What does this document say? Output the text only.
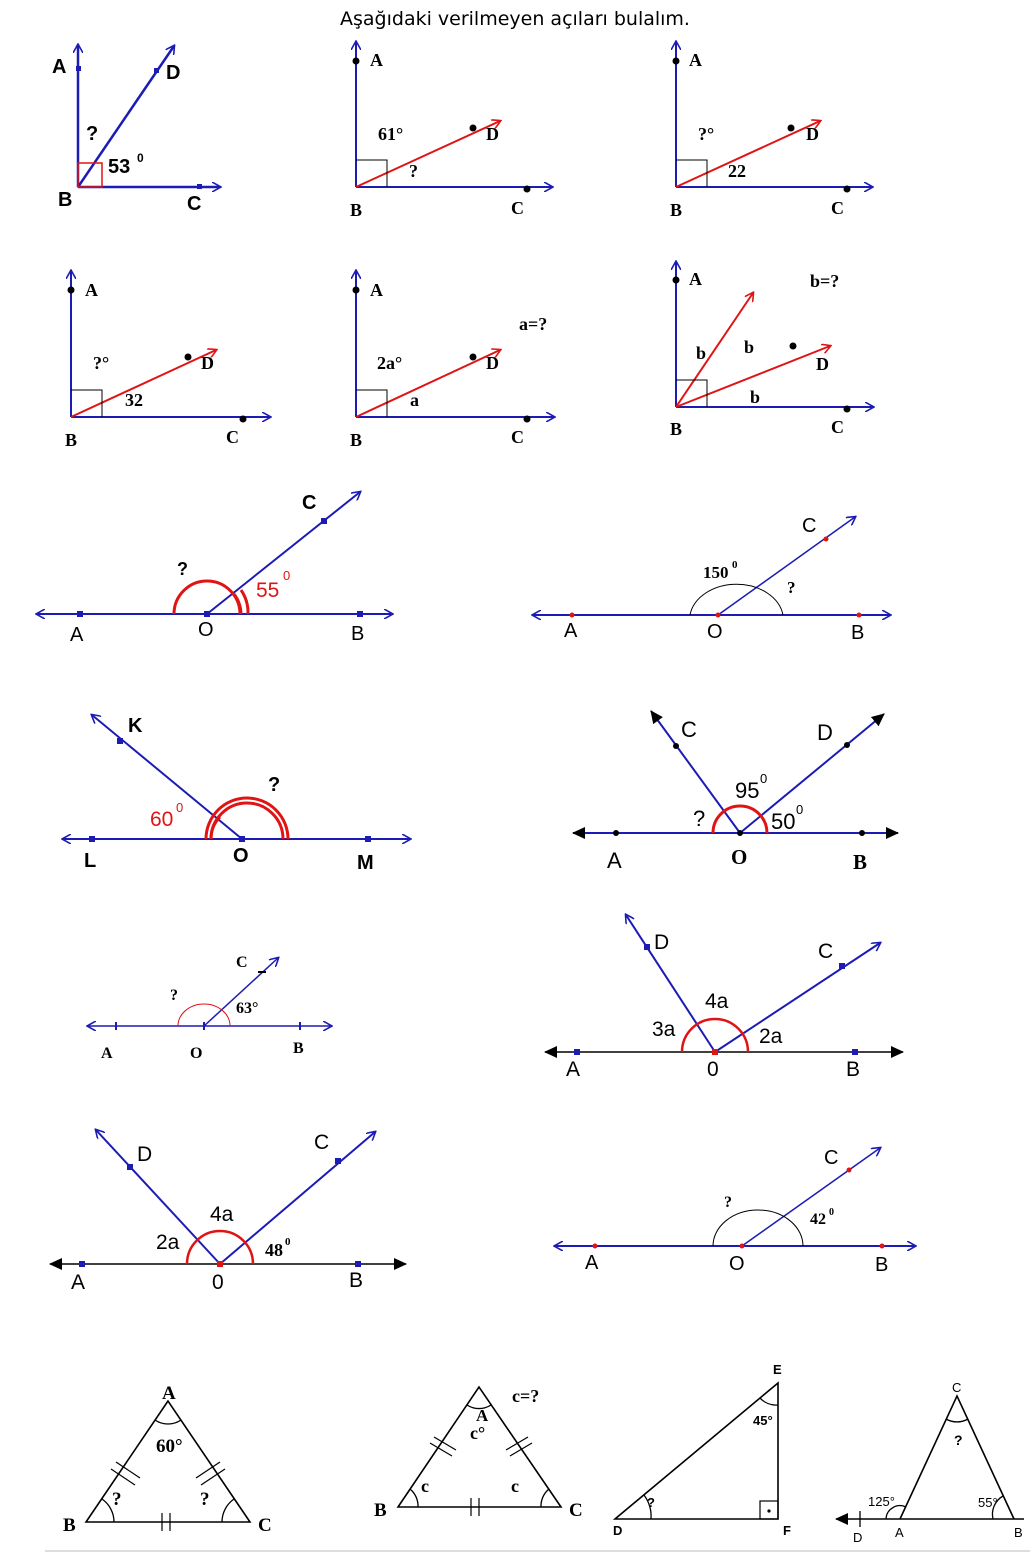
Aşağıdaki verilmeyen açıları bulalım.
A	D
?
53 0
B	C
A
61°	D
?
B	C
A
?°	D
22
B	C
A
?°	D
32
B	C
A
2a°	D
a
B	C
a=?
A	b=?
b b
D
b
B	C
C
?
55
0
A	O	B
C
150 0
?
A	O	B
K
?
60
0
L	O	M
C	D
95 0
?	50 0
A	O	B
C
?
63°
A	O	B
D	C
4a
3a	2a
A	0	B
D
C
4a
2a	48 0
A	0	B
C
?
42 0
A	O	B
A
60°
?	?
B	C
c=?
A
c°
c	c
B	C
E
45°
?
D	F
C
?
125°	55°
D	A	B
